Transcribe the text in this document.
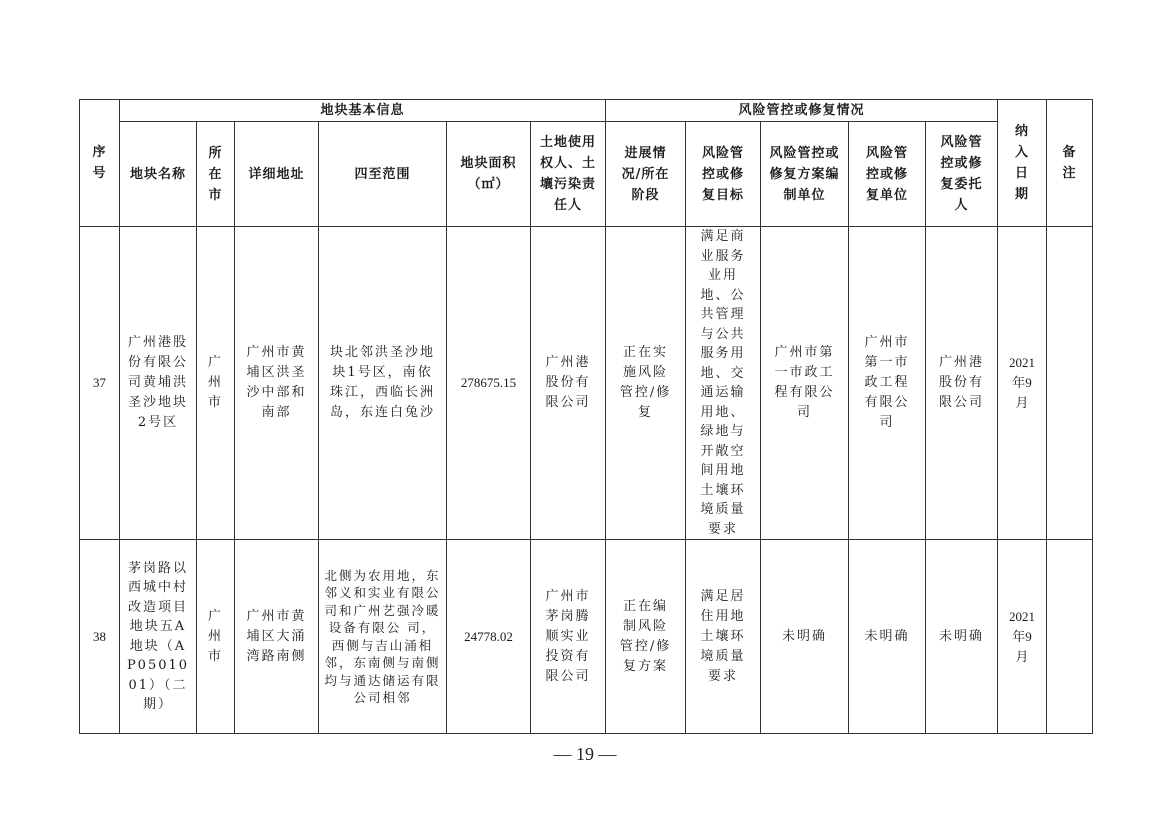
序号	地块基本信息						风险管控或修复情况					纳入日期	备注
	地块名称	所在市	详细地址	四至范围	地块面积（㎡）	土地使用权人、土壤污染责任人	进展情况/所在阶段	风险管控或修复目标	风险管控或修复方案编制单位	风险管控或修复单位	风险管控或修复委托人		
37	广州港股份有限公司黄埔洪圣沙地块2号区	广州市	广州市黄埔区洪圣沙中部和南部	块北邻洪圣沙地块1号区，南依珠江，西临长洲岛，东连白兔沙	278675.15	广州港股份有限公司	正在实施风险管控/修复	满足商业服务业用地、公共管理与公共服务用地、交通运输用地、绿地与开敞空间用地土壤环境质量要求	广州市第一市政工程有限公司	广州市第一市政工程有限公司	广州港股份有限公司	2021年9月	
38	茅岗路以西城中村改造项目地块五A地块（AP0501001）（二期）	广州市	广州市黄埔区大涌湾路南侧	北侧为农用地，东邻义和实业有限公司和广州艺强冷暖设备有限公 司，西侧与吉山涌相邻，东南侧与南侧均与通达储运有限公司相邻	24778.02	广州市茅岗腾顺实业投资有限公司	正在编制风险管控/修复方案	满足居住用地土壤环境质量要求	未明确	未明确	未明确	2021年9月	
— 19 —
